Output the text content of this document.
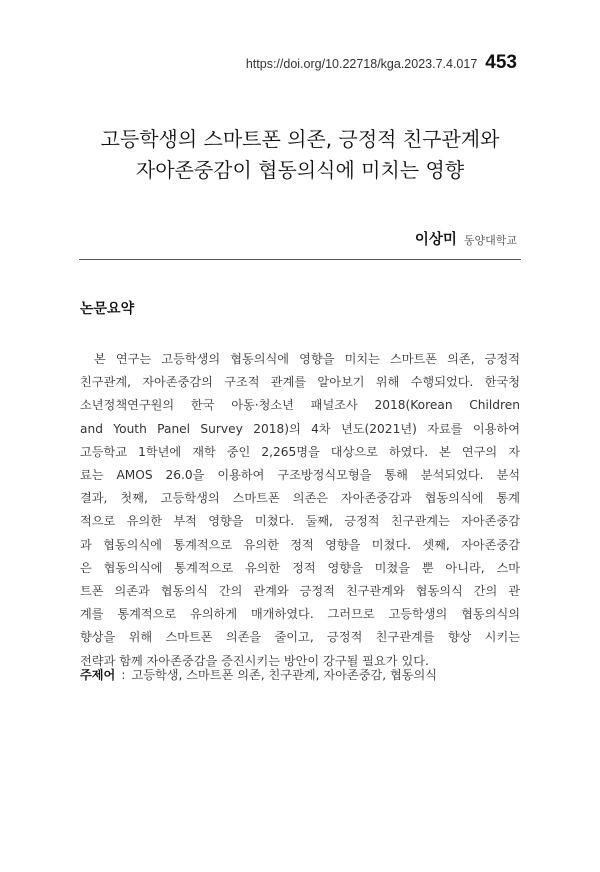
https://doi.org/10.22718/kga.2023.7.4.017 453
고등학생의 스마트폰 의존, 긍정적 친구관계와
자아존중감이 협동의식에 미치는 영향
이상미 동양대학교
논문요약
본 연구는 고등학생의 협동의식에 영향을 미치는 스마트폰 의존, 긍정적
친구관계, 자아존중감의 구조적 관계를 알아보기 위해 수행되었다. 한국청
소년정책연구원의 한국 아동·청소년 패널조사 2018(Korean Children
and Youth Panel Survey 2018)의 4차 년도(2021년) 자료를 이용하여
고등학교 1학년에 재학 중인 2,265명을 대상으로 하였다. 본 연구의 자
료는 AMOS 26.0을 이용하여 구조방정식모형을 통해 분석되었다. 분석
결과, 첫째, 고등학생의 스마트폰 의존은 자아존중감과 협동의식에 통계
적으로 유의한 부적 영향을 미쳤다. 둘째, 긍정적 친구관계는 자아존중감
과 협동의식에 통계적으로 유의한 정적 영향을 미쳤다. 셋째, 자아존중감
은 협동의식에 통계적으로 유의한 정적 영향을 미쳤을 뿐 아니라, 스마
트폰 의존과 협동의식 간의 관계와 긍정적 친구관계와 협동의식 간의 관
계를 통계적으로 유의하게 매개하였다. 그러므로 고등학생의 협동의식의
향상을 위해 스마트폰 의존을 줄이고, 긍정적 친구관계를 향상 시키는
전략과 함께 자아존중감을 증진시키는 방안이 강구될 필요가 있다.
주제어 : 고등학생, 스마트폰 의존, 친구관계, 자아존중감, 협동의식
